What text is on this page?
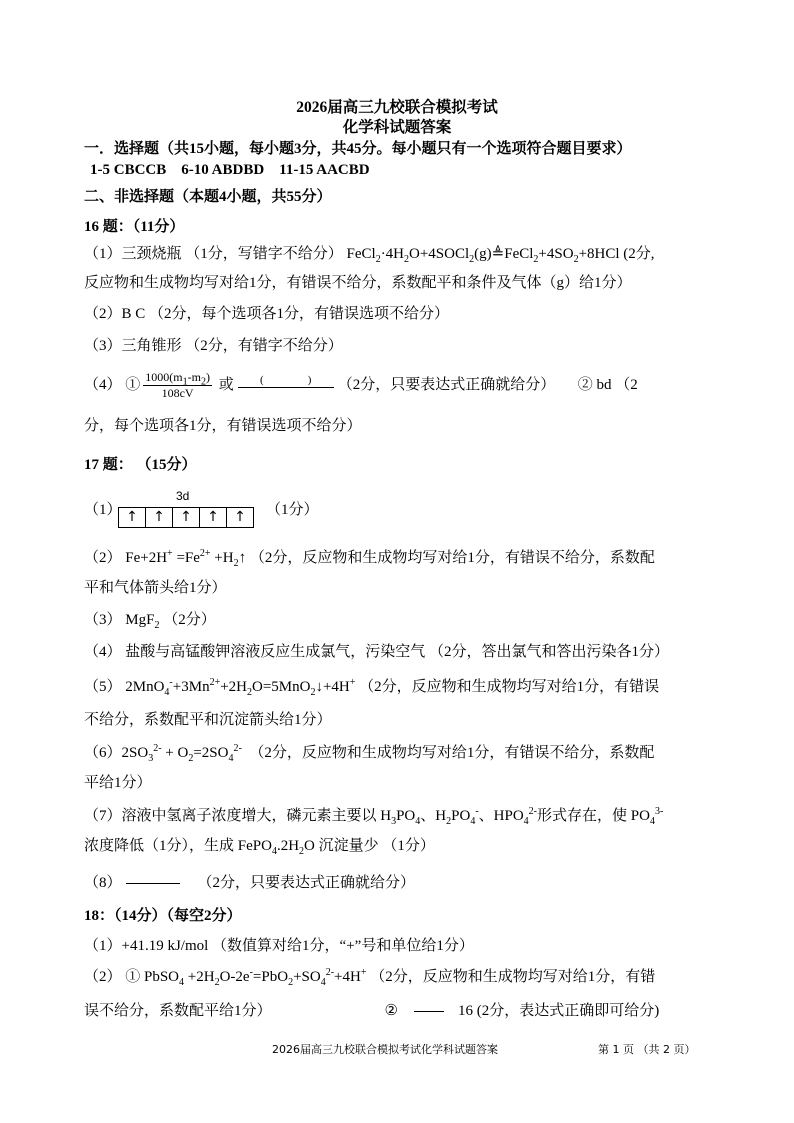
2026届高三九校联合模拟考试
化学科试题答案
一．选择题（共15小题，每小题3分，共45分。每小题只有一个选项符合题目要求）
1-5 CBCCB　6-10 ABDBD　11-15 AACBD
二、非选择题（本题4小题，共55分）
16 题：（11分）
（1）三颈烧瓶 （1分，写错字不给分） $FeCl_2\cdot 4H_2O+4SOCl_2(g)≜FeCl_2+4SO_2+8HCl$ (2分,
反应物和生成物均写对给1分，有错误不给分，系数配平和条件及气体（g）给1分）
（2）B C （2分，每个选项各1分，有错误选项不给分）
（3）三角锥形 （2分，有错字不给分）
（4） ① $\frac{1000(m_1-m_2)}{108cV}$ 或	(　　　　)	（2分，只要表达式正确就给分）　　② bd （2
分，每个选项各1分，有错误选项不给分）
17 题： （15分）
（1）
3d
↑	↑	↑	↑	↑	（1分）
（2） $Fe+2H^+ =Fe^{2+}$ $+H_2↑$ （2分，反应物和生成物均写对给1分，有错误不给分，系数配
平和气体箭头给1分）
（3） MgF$_2$ （2分）
（4） 盐酸与高锰酸钾溶液反应生成氯气，污染空气 （2分，答出氯气和答出污染各1分）
（5） $2MnO_4^-+3Mn^{2+}+2H_2O=5MnO_2↓+4H^+$ （2分，反应物和生成物均写对给1分，有错误
不给分，系数配平和沉淀箭头给1分）
$(6)2SO_3^{2-} + O_2=2SO_4^{2-}$　（2分，反应物和生成物均写对给1分，有错误不给分，系数配
平给1分）
（7）溶液中氢离子浓度增大，磷元素主要以 $H_3PO_4$、$H_2PO_4^-$、$HPO_4^{2-}$形式存在，使 $PO_4^{3-}$
浓度降低（1分），生成 $FePO_4.2H_2O$ 沉淀量少 （1分）
（8）	（2分，只要表达式正确就给分）
18：（14分）（每空2分）
（1）+41.19 kJ/mol （数值算对给1分，“+”号和单位给1分）
（2） ① PbSO$_4$ $+2H_2O-2e^-=PbO_2+SO_4^{2-}+4H^+$ （2分，反应物和生成物均写对给1分，有错
误不给分，系数配平给1分）	②	16 (2分，表达式正确即可给分)
2026届高三九校联合模拟考试化学科试题答案	第 1 页 （共 2 页）
